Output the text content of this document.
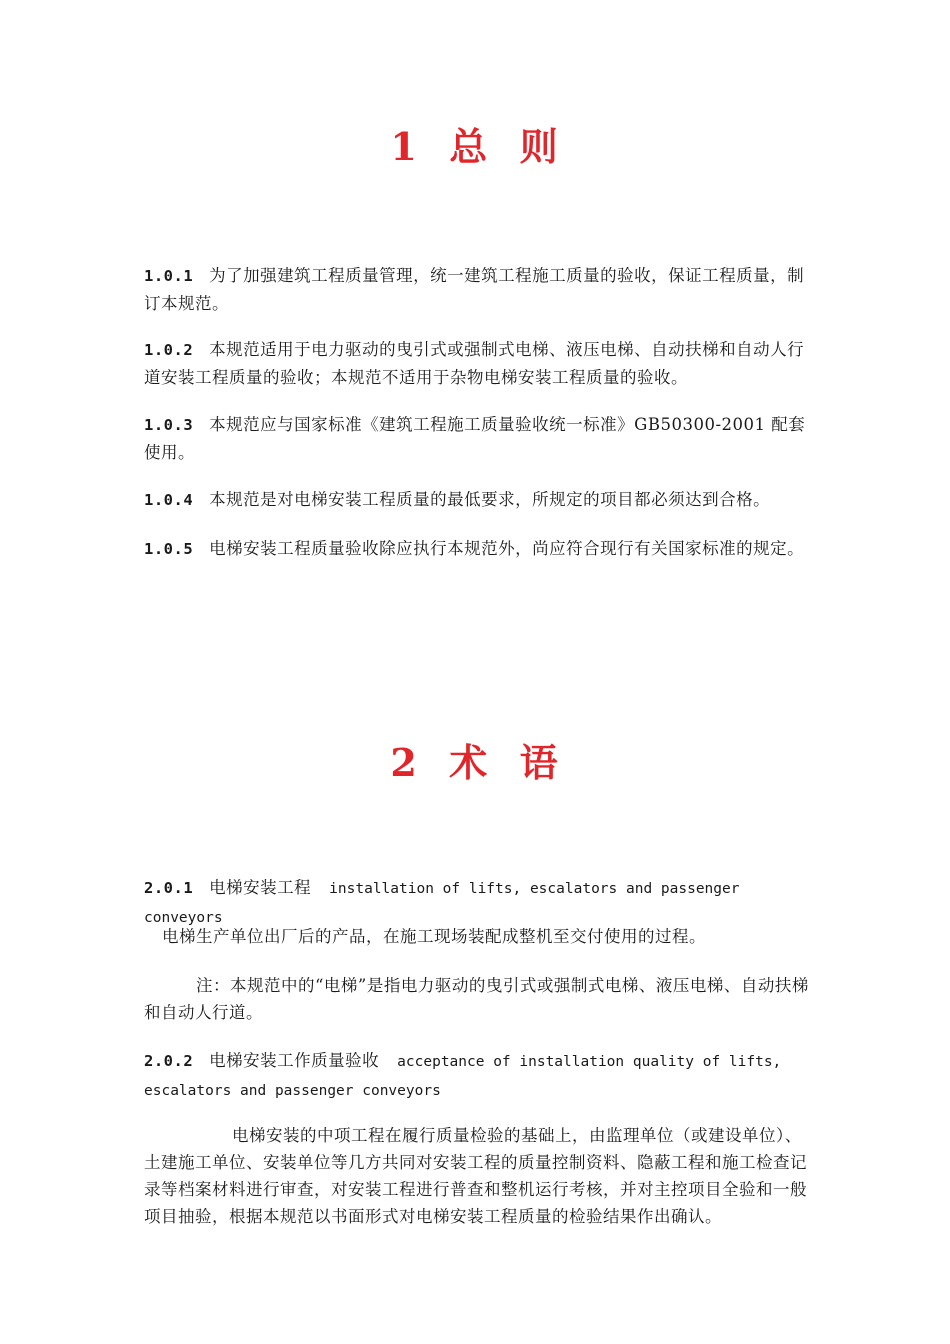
1  总  则
1.0.1 为了加强建筑工程质量管理，统一建筑工程施工质量的验收，保证工程质量，制订本规范。
1.0.2 本规范适用于电力驱动的曳引式或强制式电梯、液压电梯、自动扶梯和自动人行道安装工程质量的验收；本规范不适用于杂物电梯安装工程质量的验收。
1.0.3 本规范应与国家标准《建筑工程施工质量验收统一标准》GB50300-2001 配套使用。
1.0.4 本规范是对电梯安装工程质量的最低要求，所规定的项目都必须达到合格。
1.0.5 电梯安装工程质量验收除应执行本规范外，尚应符合现行有关国家标准的规定。
2  术  语
2.0.1 电梯安装工程 installation of lifts, escalators and passenger conveyors
电梯生产单位出厂后的产品，在施工现场装配成整机至交付使用的过程。
注：本规范中的“电梯”是指电力驱动的曳引式或强制式电梯、液压电梯、自动扶梯和自动人行道。
2.0.2 电梯安装工作质量验收 acceptance of installation quality of lifts, escalators and passenger conveyors
电梯安装的中项工程在履行质量检验的基础上，由监理单位（或建设单位）、土建施工单位、安装单位等几方共同对安装工程的质量控制资料、隐蔽工程和施工检查记录等档案材料进行审查，对安装工程进行普查和整机运行考核，并对主控项目全验和一般项目抽验，根据本规范以书面形式对电梯安装工程质量的检验结果作出确认。
